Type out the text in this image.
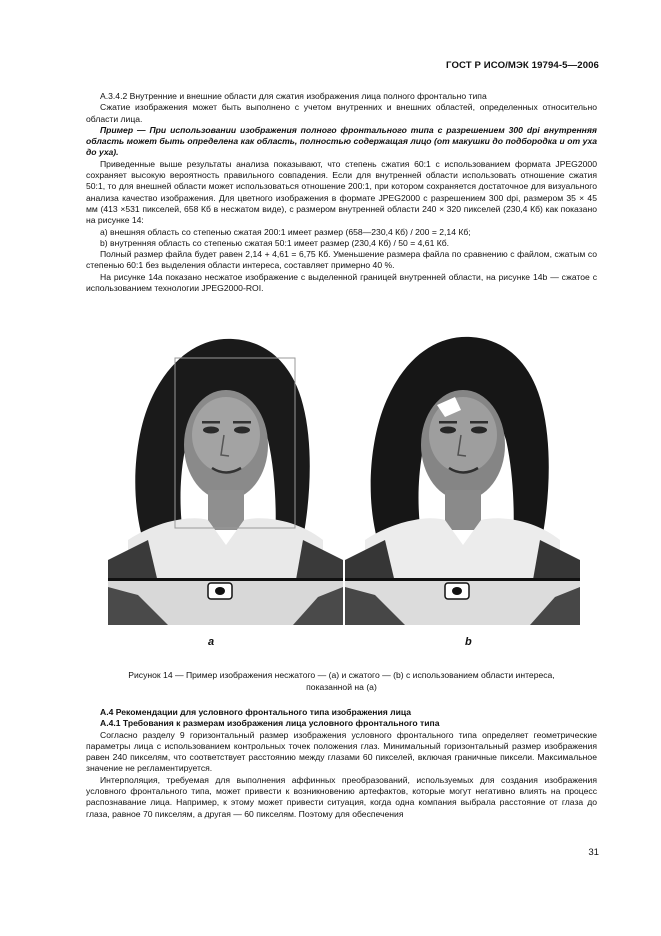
ГОСТ Р ИСО/МЭК 19794-5—2006

А.3.4.2 Внутренние и внешние области для сжатия изображения лица полного фронтально типа

Сжатие изображения может быть выполнено с учетом внутренних и внешних областей, определенных относительно области лица.

Пример — При использовании изображения полного фронтального типа с разрешением 300 dpi внутренняя область может быть определена как область, полностью содержащая лицо (от макушки до подбородка и от уха до уха).

Приведенные выше результаты анализа показывают, что степень сжатия 60:1 с использованием формата JPEG2000 сохраняет высокую вероятность правильного совпадения. Если для внутренней области использовать отношение сжатия 50:1, то для внешней области может использоваться отношение 200:1, при котором сохраняется достаточное для визуального анализа качество изображения. Для цветного изображения в формате JPEG2000 с разрешением 300 dpi, размером 35 × 45 мм (413 ×531 пикселей, 658 Кб в несжатом виде), с размером внутренней области 240 × 320 пикселей (230,4 Кб) как показано на рисунке 14:

a) внешняя область со степенью сжатая 200:1 имеет размер (658—230,4 Кб) / 200 = 2,14 Кб;

b) внутренняя область со степенью сжатая 50:1 имеет размер (230,4 Кб) / 50 = 4,61 Кб.

Полный размер файла будет равен 2,14 + 4,61 = 6,75 Кб. Уменьшение размера файла по сравнению с файлом, сжатым со степенью 60:1 без выделения области интереса, составляет примерно 40 %.

На рисунке 14a показано несжатое изображение с выделенной границей внутренней области, на рисунке 14b — сжатое с использованием технологии JPEG2000-ROI.

a	b
Рисунок 14 — Пример изображения несжатого — (а) и сжатого — (b) с использованием области интереса,
показанной на (а)

А.4 Рекомендации для условного фронтального типа изображения лица

А.4.1 Требования к размерам изображения лица условного фронтального типа

Согласно разделу 9 горизонтальный размер изображения условного фронтального типа определяет геометрические параметры лица с использованием контрольных точек положения глаз. Минимальный горизонтальный размер изображения равен 240 пикселям, что соответствует расстоянию между глазами 60 пикселей, включая граничные пиксели. Максимальное значение не регламентируется.

Интерполяция, требуемая для выполнения аффинных преобразований, используемых для создания изображения условного фронтального типа, может привести к возникновению артефактов, которые могут негативно влиять на процесс распознавание лица. Например, к этому может привести ситуация, когда одна компания выбрала расстояние от глаза до глаза, равное 70 пикселям, а другая — 60 пикселям. Поэтому для обеспечения

31
